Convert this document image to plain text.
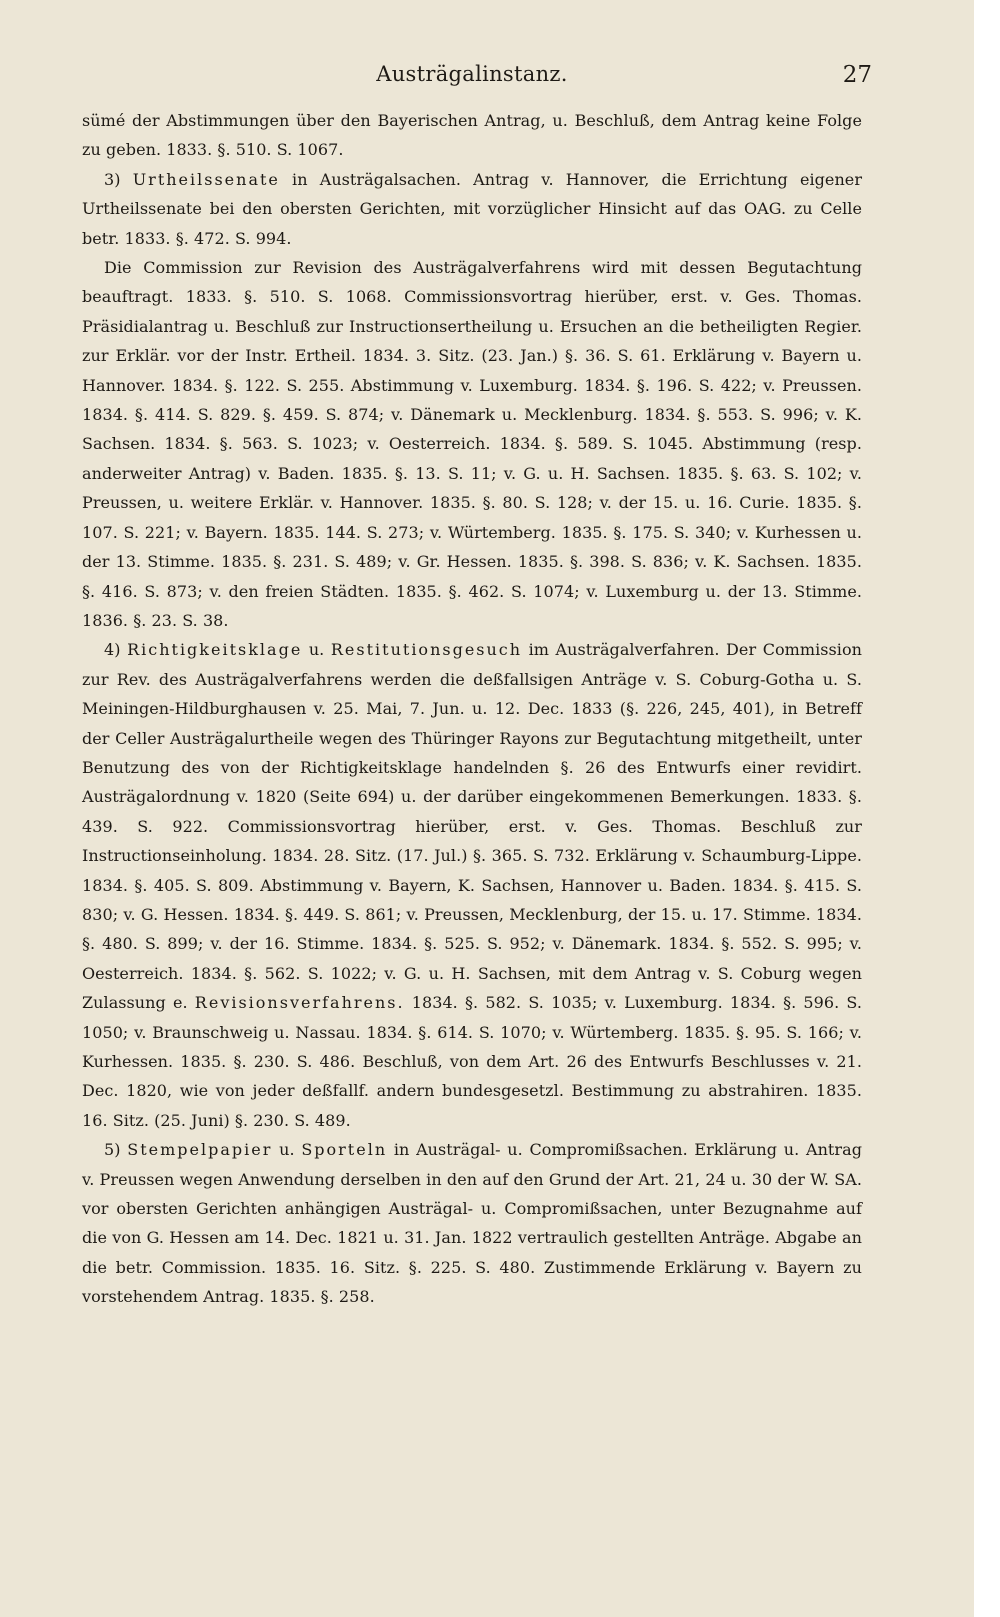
Austrägalinstanz.	27

sümé der Abstimmungen über den Bayerischen Antrag, u. Beschluß, dem Antrag keine Folge zu geben. 1833. §. 510. S. 1067.

3) Urtheilssenate in Austrägalsachen. Antrag v. Hannover, die Errichtung eigener Urtheilssenate bei den obersten Gerichten, mit vorzüglicher Hinsicht auf das OAG. zu Celle betr. 1833. §. 472. S. 994.

Die Commission zur Revision des Austrägalverfahrens wird mit dessen Begutachtung beauftragt. 1833. §. 510. S. 1068. Commissionsvortrag hierüber, erst. v. Ges. Thomas. Präsidialantrag u. Beschluß zur Instructionsertheilung u. Ersuchen an die betheiligten Regier. zur Erklär. vor der Instr. Ertheil. 1834. 3. Sitz. (23. Jan.) §. 36. S. 61. Erklärung v. Bayern u. Hannover. 1834. §. 122. S. 255. Abstimmung v. Luxemburg. 1834. §. 196. S. 422; v. Preussen. 1834. §. 414. S. 829. §. 459. S. 874; v. Dänemark u. Mecklenburg. 1834. §. 553. S. 996; v. K. Sachsen. 1834. §. 563. S. 1023; v. Oesterreich. 1834. §. 589. S. 1045. Abstimmung (resp. anderweiter Antrag) v. Baden. 1835. §. 13. S. 11; v. G. u. H. Sachsen. 1835. §. 63. S. 102; v. Preussen, u. weitere Erklär. v. Hannover. 1835. §. 80. S. 128; v. der 15. u. 16. Curie. 1835. §. 107. S. 221; v. Bayern. 1835. 144. S. 273; v. Würtemberg. 1835. §. 175. S. 340; v. Kurhessen u. der 13. Stimme. 1835. §. 231. S. 489; v. Gr. Hessen. 1835. §. 398. S. 836; v. K. Sachsen. 1835. §. 416. S. 873; v. den freien Städten. 1835. §. 462. S. 1074; v. Luxemburg u. der 13. Stimme. 1836. §. 23. S. 38.

4) Richtigkeitsklage u. Restitutionsgesuch im Austrägalverfahren. Der Commission zur Rev. des Austrägalverfahrens werden die deßfallsigen Anträge v. S. Coburg-Gotha u. S. Meiningen-Hildburghausen v. 25. Mai, 7. Jun. u. 12. Dec. 1833 (§. 226, 245, 401), in Betreff der Celler Austrägalurtheile wegen des Thüringer Rayons zur Begutachtung mitgetheilt, unter Benutzung des von der Richtigkeitsklage handelnden §. 26 des Entwurfs einer revidirt. Austrägalordnung v. 1820 (Seite 694) u. der darüber eingekommenen Bemerkungen. 1833. §. 439. S. 922. Commissionsvortrag hierüber, erst. v. Ges. Thomas. Beschluß zur Instructionseinholung. 1834. 28. Sitz. (17. Jul.) §. 365. S. 732. Erklärung v. Schaumburg-Lippe. 1834. §. 405. S. 809. Abstimmung v. Bayern, K. Sachsen, Hannover u. Baden. 1834. §. 415. S. 830; v. G. Hessen. 1834. §. 449. S. 861; v. Preussen, Mecklenburg, der 15. u. 17. Stimme. 1834. §. 480. S. 899; v. der 16. Stimme. 1834. §. 525. S. 952; v. Dänemark. 1834. §. 552. S. 995; v. Oesterreich. 1834. §. 562. S. 1022; v. G. u. H. Sachsen, mit dem Antrag v. S. Coburg wegen Zulassung e. Revisionsverfahrens. 1834. §. 582. S. 1035; v. Luxemburg. 1834. §. 596. S. 1050; v. Braunschweig u. Nassau. 1834. §. 614. S. 1070; v. Würtemberg. 1835. §. 95. S. 166; v. Kurhessen. 1835. §. 230. S. 486. Beschluß, von dem Art. 26 des Entwurfs Beschlusses v. 21. Dec. 1820, wie von jeder deßfallf. andern bundesgesetzl. Bestimmung zu abstrahiren. 1835. 16. Sitz. (25. Juni) §. 230. S. 489.

5) Stempelpapier u. Sporteln in Austrägal- u. Compromißsachen. Erklärung u. Antrag v. Preussen wegen Anwendung derselben in den auf den Grund der Art. 21, 24 u. 30 der W. SA. vor obersten Gerichten anhängigen Austrägal- u. Compromißsachen, unter Bezugnahme auf die von G. Hessen am 14. Dec. 1821 u. 31. Jan. 1822 vertraulich gestellten Anträge. Abgabe an die betr. Commission. 1835. 16. Sitz. §. 225. S. 480. Zustimmende Erklärung v. Bayern zu vorstehendem Antrag. 1835. §. 258.
